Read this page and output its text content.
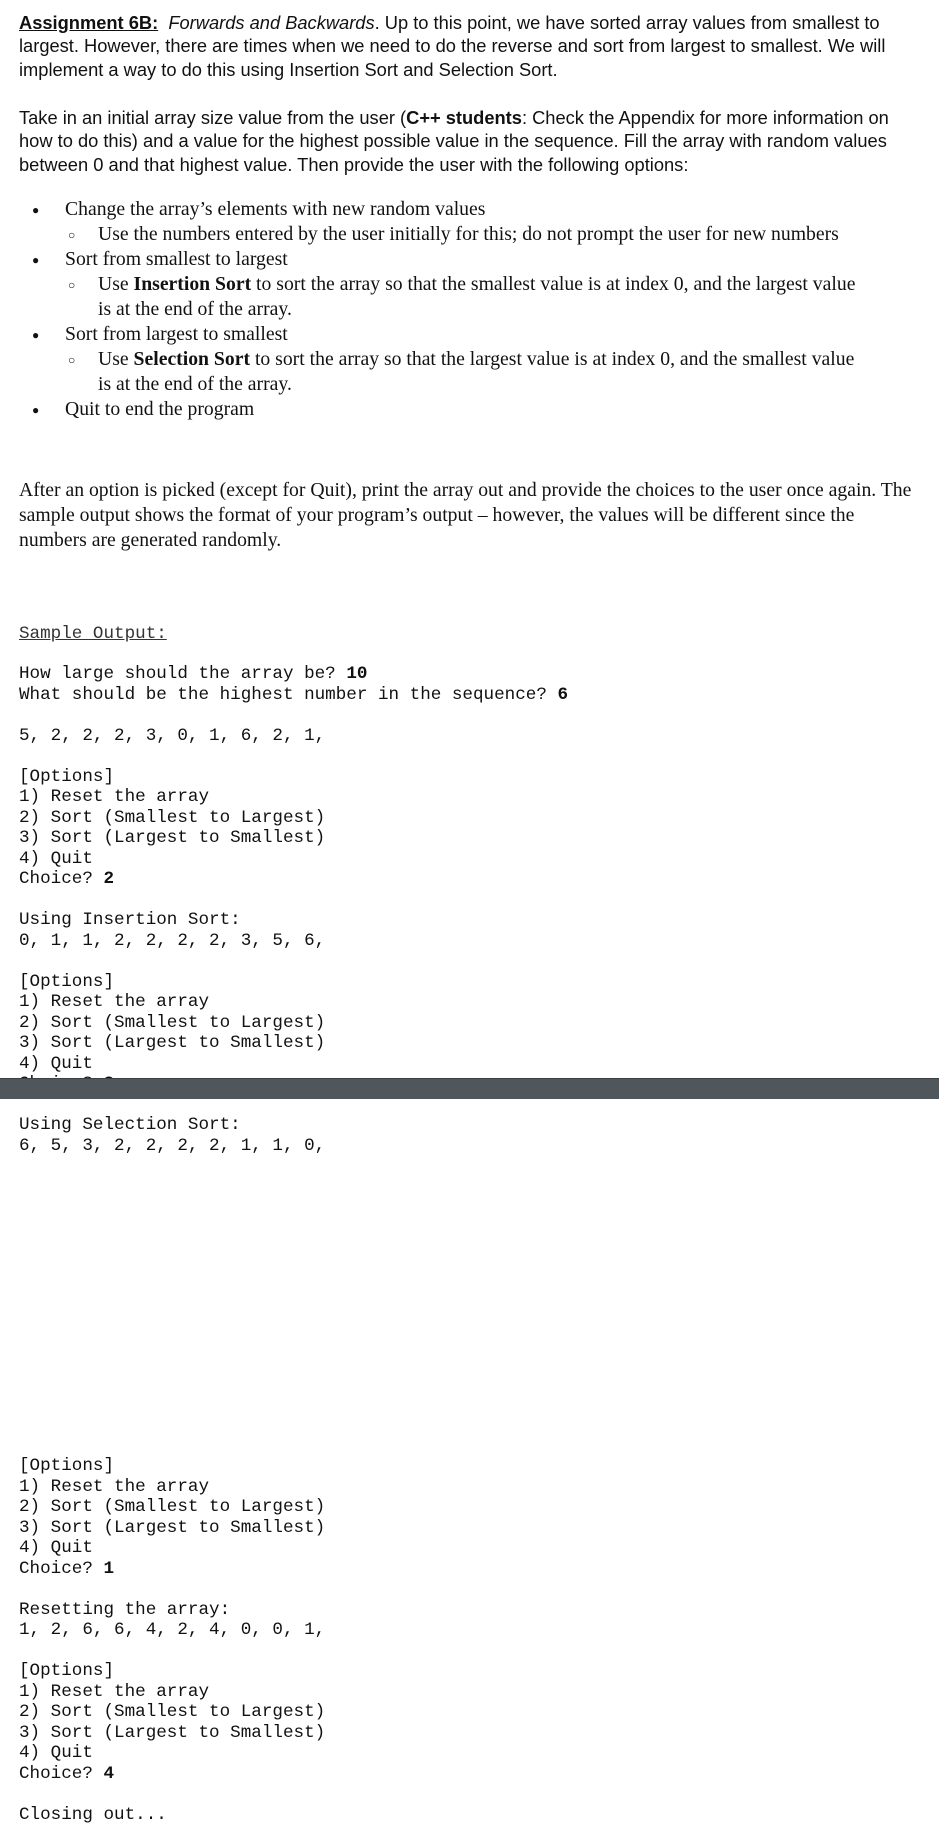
Assignment 6B: Forwards and Backwards. Up to this point, we have sorted array values from smallest to largest. However, there are times when we need to do the reverse and sort from largest to smallest. We will implement a way to do this using Insertion Sort and Selection Sort.

Take in an initial array size value from the user (C++ students: Check the Appendix for more information on how to do this) and a value for the highest possible value in the sequence. Fill the array with random values between 0 and that highest value. Then provide the user with the following options:

● Change the array’s elements with new random values
○ Use the numbers entered by the user initially for this; do not prompt the user for new numbers
● Sort from smallest to largest
○ Use Insertion Sort to sort the array so that the smallest value is at index 0, and the largest value is at the end of the array.
● Sort from largest to smallest
○ Use Selection Sort to sort the array so that the largest value is at index 0, and the smallest value is at the end of the array.
● Quit to end the program

After an option is picked (except for Quit), print the array out and provide the choices to the user once again. The sample output shows the format of your program’s output – however, the values will be different since the numbers are generated randomly.

Sample Output:
How large should the array be? 10
What should be the highest number in the sequence? 6
5, 2, 2, 2, 3, 0, 1, 6, 2, 1,
[Options]
1) Reset the array
2) Sort (Smallest to Largest)
3) Sort (Largest to Smallest)
4) Quit
Choice? 2
Using Insertion Sort:
0, 1, 1, 2, 2, 2, 2, 3, 5, 6,
[Options]
1) Reset the array
2) Sort (Smallest to Largest)
3) Sort (Largest to Smallest)
4) Quit
Using Selection Sort:
6, 5, 3, 2, 2, 2, 2, 1, 1, 0,
[Options]
1) Reset the array
2) Sort (Smallest to Largest)
3) Sort (Largest to Smallest)
4) Quit
Choice? 1
Resetting the array:
1, 2, 6, 6, 4, 2, 4, 0, 0, 1,
[Options]
1) Reset the array
2) Sort (Smallest to Largest)
3) Sort (Largest to Smallest)
4) Quit
Choice? 4
Closing out...
